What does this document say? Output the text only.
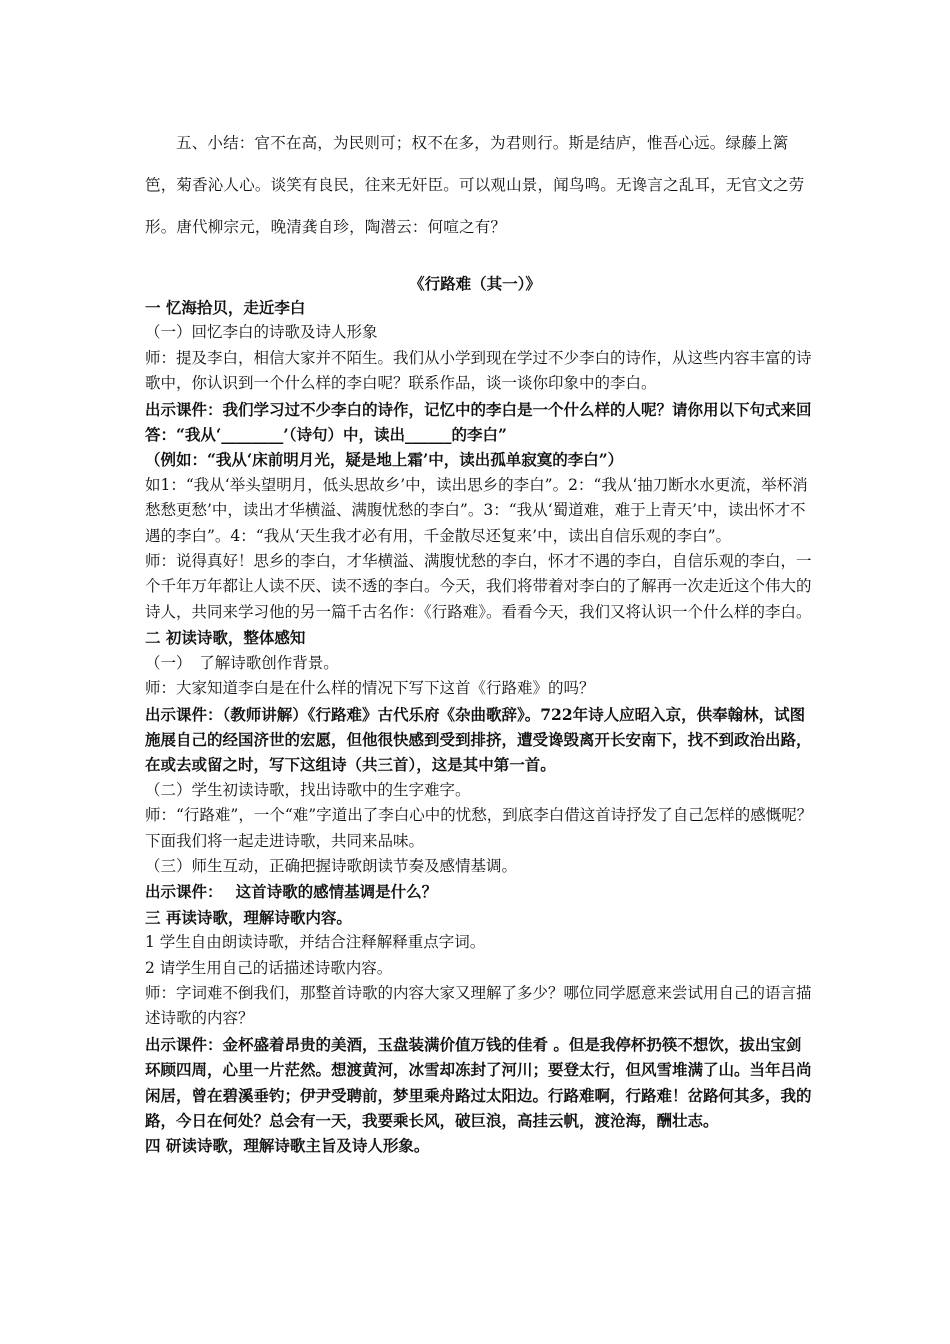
五、小结：官不在高，为民则可；权不在多，为君则行。斯是结庐，惟吾心远。绿藤上篱笆，菊香沁人心。谈笑有良民，往来无奸臣。可以观山景，闻鸟鸣。无谗言之乱耳，无官文之劳形。唐代柳宗元，晚清龚自珍，陶潜云：何喧之有？
《行路难（其一）》

一 忆海拾贝，走近李白

（一）回忆李白的诗歌及诗人形象

师：提及李白，相信大家并不陌生。我们从小学到现在学过不少李白的诗作，从这些内容丰富的诗歌中，你认识到一个什么样的李白呢？联系作品，谈一谈你印象中的李白。

出示课件：我们学习过不少李白的诗作，记忆中的李白是一个什么样的人呢？请你用以下句式来回答：“我从‘________’（诗句）中，读出______的李白”

（例如：“我从‘床前明月光，疑是地上霜’中，读出孤单寂寞的李白”）

如1：“我从‘举头望明月，低头思故乡’中，读出思乡的李白”。2：“我从‘抽刀断水水更流，举杯消愁愁更愁’中，读出才华横溢、满腹忧愁的李白”。3：“我从‘蜀道难，难于上青天’中，读出怀才不遇的李白”。4：“我从‘天生我才必有用，千金散尽还复来’中，读出自信乐观的李白”。

师：说得真好！思乡的李白，才华横溢、满腹忧愁的李白，怀才不遇的李白，自信乐观的李白，一个千年万年都让人读不厌、读不透的李白。今天，我们将带着对李白的了解再一次走近这个伟大的诗人，共同来学习他的另一篇千古名作：《行路难》。看看今天，我们又将认识一个什么样的李白。

二 初读诗歌，整体感知

（一）　了解诗歌创作背景。

师：大家知道李白是在什么样的情况下写下这首《行路难》的吗？

出示课件：（教师讲解）《行路难》古代乐府《杂曲歌辞》。722年诗人应昭入京，供奉翰林，试图施展自己的经国济世的宏愿，但他很快感到受到排挤，遭受谗毁离开长安南下，找不到政治出路，在或去或留之时，写下这组诗（共三首），这是其中第一首。

（二）学生初读诗歌，找出诗歌中的生字难字。

师：“行路难”，一个“难”字道出了李白心中的忧愁，到底李白借这首诗抒发了自己怎样的感慨呢？下面我们将一起走进诗歌，共同来品味。

（三）师生互动，正确把握诗歌朗读节奏及感情基调。

出示课件：　 这首诗歌的感情基调是什么？

三 再读诗歌，理解诗歌内容。

1 学生自由朗读诗歌，并结合注释解释重点字词。

2 请学生用自己的话描述诗歌内容。

师：字词难不倒我们，那整首诗歌的内容大家又理解了多少？哪位同学愿意来尝试用自己的语言描述诗歌的内容？

出示课件：金杯盛着昂贵的美酒，玉盘装满价值万钱的佳肴 。但是我停杯扔筷不想饮，拔出宝剑环顾四周，心里一片茫然。想渡黄河，冰雪却冻封了河川；要登太行，但风雪堆满了山。当年吕尚闲居，曾在碧溪垂钓；伊尹受聘前，梦里乘舟路过太阳边。行路难啊，行路难！岔路何其多，我的路，今日在何处？总会有一天，我要乘长风，破巨浪，高挂云帆，渡沧海，酬壮志。

四 研读诗歌，理解诗歌主旨及诗人形象。
